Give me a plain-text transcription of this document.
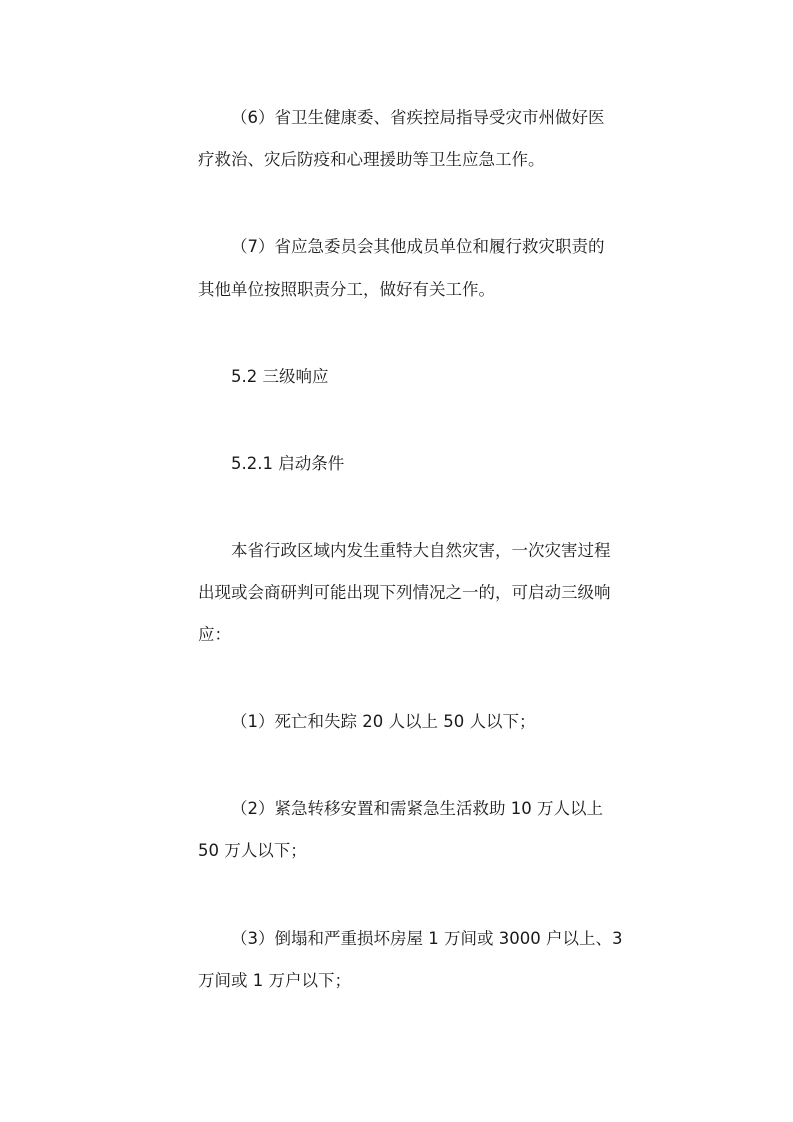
（6）省卫生健康委、省疾控局指导受灾市州做好医
疗救治、灾后防疫和心理援助等卫生应急工作。
（7）省应急委员会其他成员单位和履行救灾职责的
其他单位按照职责分工，做好有关工作。
5.2 三级响应
5.2.1 启动条件
本省行政区域内发生重特大自然灾害，一次灾害过程
出现或会商研判可能出现下列情况之一的，可启动三级响
应：
（1）死亡和失踪 20 人以上 50 人以下；
（2）紧急转移安置和需紧急生活救助 10 万人以上
50 万人以下；
（3）倒塌和严重损坏房屋 1 万间或 3000 户以上、3
万间或 1 万户以下；
